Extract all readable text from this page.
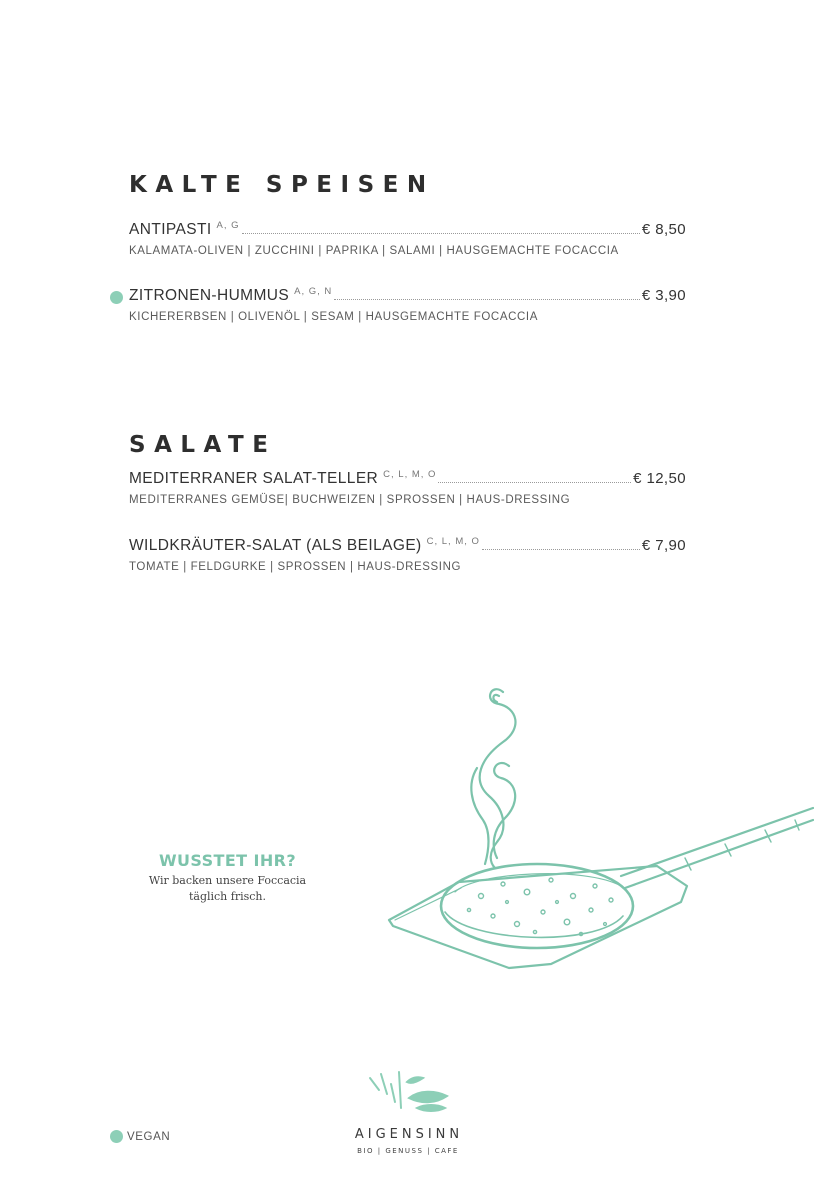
KALTE SPEISEN
ANTIPASTI A, G	€ 8,50
KALAMATA-OLIVEN | ZUCCHINI | PAPRIKA | SALAMI | HAUSGEMACHTE FOCACCIA
ZITRONEN-HUMMUS A, G, N	€ 3,90
KICHERERBSEN | OLIVENÖL | SESAM | HAUSGEMACHTE FOCACCIA
SALATE
MEDITERRANER SALAT-TELLER C, L, M, O	€ 12,50
MEDITERRANES GEMÜSE| BUCHWEIZEN | SPROSSEN | HAUS-DRESSING
WILDKRÄUTER-SALAT (ALS BEILAGE) C, L, M, O	€ 7,90
TOMATE | FELDGURKE | SPROSSEN | HAUS-DRESSING
WUSSTET IHR?
Wir backen unsere Foccacia
täglich frisch.
AIGENSINN
BIO | GENUSS | CAFE
VEGAN
